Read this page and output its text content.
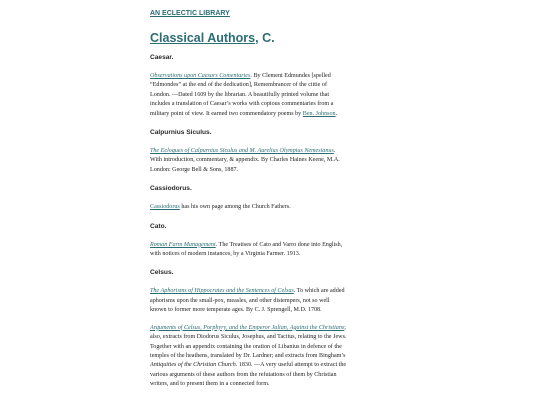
AN ECLECTIC LIBRARY
Classical Authors, C.
Caesar.

Observations upon Caesars Comentaries. By Clement Edmundes [spelled
“Edmondes” at the end of the dedication], Remembrancer of the cittie of
London. —Dated 1609 by the librarian. A beautifully printed volume that
includes a translation of Caesar’s works with copious commentaries from a
military point of view. It earned two commendatory poems by Ben. Johnson.

Calpurnius Siculus.

The Eclogues of Calpurnius Siculus and M. Aurelius Olympius Nemesianus.
With introduction, commentary, & appendix. By Charles Haines Keene, M.A.
London: George Bell & Sons, 1887.

Cassiodorus.

Cassiodorus has his own page among the Church Fathers.

Cato.

Roman Farm Management. The Treatises of Cato and Varro done into English,
with notices of modern instances, by a Virginia Farmer. 1913.

Celsus.

The Aphorisms of Hippocrates and the Sentences of Celsus. To which are added
aphorisms upon the small-pox, measles, and other distempers, not so well
known to former more temperate ages. By C. J. Sprengell, M.D. 1708.

Arguments of Celsus, Porphyry, and the Emperor Julian, Against the Christians;
also, extracts from Diodorus Siculus, Josephus, and Tacitus, relating to the Jews.
Together with an appendix containing the oration of Libanius in defence of the
temples of the heathens, translated by Dr. Lardner; and extracts from Bingham’s
Antiquities of the Christian Church. 1830. —A very useful attempt to extract the
various arguments of these authors from the refutations of them by Christian
writers, and to present them in a connected form.
